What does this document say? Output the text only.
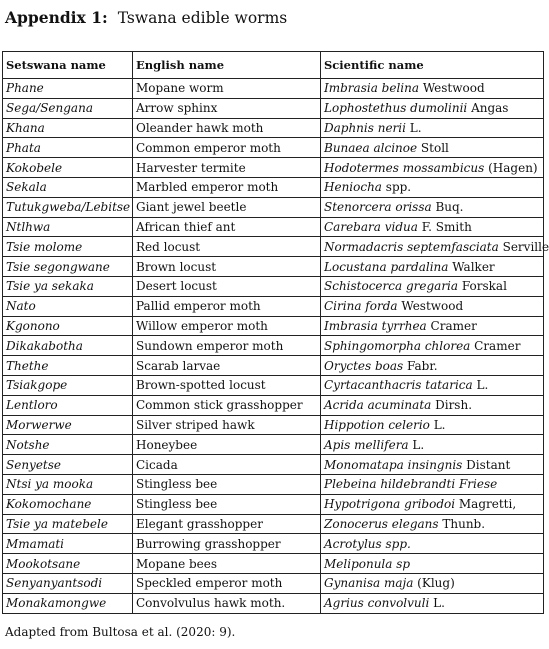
Appendix 1: Tswana edible worms
Setswana name	English name	Scientific name
Phane	Mopane worm	Imbrasia belina Westwood
Sega/Sengana	Arrow sphinx	Lophostethus dumolinii Angas
Khana	Oleander hawk moth	Daphnis nerii L.
Phata	Common emperor moth	Bunaea alcinoe Stoll
Kokobele	Harvester termite	Hodotermes mossambicus (Hagen)
Sekala	Marbled emperor moth	Heniocha spp.
Tutukgweba/Lebitse	Giant jewel beetle	Stenorcera orissa Buq.
Ntlhwa	African thief ant	Carebara vidua F. Smith
Tsie molome	Red locust	Normadacris septemfasciata Serville
Tsie segongwane	Brown locust	Locustana pardalina Walker
Tsie ya sekaka	Desert locust	Schistocerca gregaria Forskal
Nato	Pallid emperor moth	Cirina forda Westwood
Kgonono	Willow emperor moth	Imbrasia tyrrhea Cramer
Dikakabotha	Sundown emperor moth	Sphingomorpha chlorea Cramer
Thethe	Scarab larvae	Oryctes boas Fabr.
Tsiakgope	Brown-spotted locust	Cyrtacanthacris tatarica L.
Lentloro	Common stick grasshopper	Acrida acuminata Dirsh.
Morwerwe	Silver striped hawk	Hippotion celerio L.
Notshe	Honeybee	Apis mellifera L.
Senyetse	Cicada	Monomatapa insingnis Distant
Ntsi ya mooka	Stingless bee	Plebeina hildebrandti Friese
Kokomochane	Stingless bee	Hypotrigona gribodoi Magretti,
Tsie ya matebele	Elegant grasshopper	Zonocerus elegans Thunb.
Mmamati	Burrowing grasshopper	Acrotylus spp.
Mookotsane	Mopane bees	Meliponula sp
Senyanyantsodi	Speckled emperor moth	Gynanisa maja (Klug)
Monakamongwe	Convolvulus hawk moth.	Agrius convolvuli L.
Adapted from Bultosa et al. (2020: 9).
